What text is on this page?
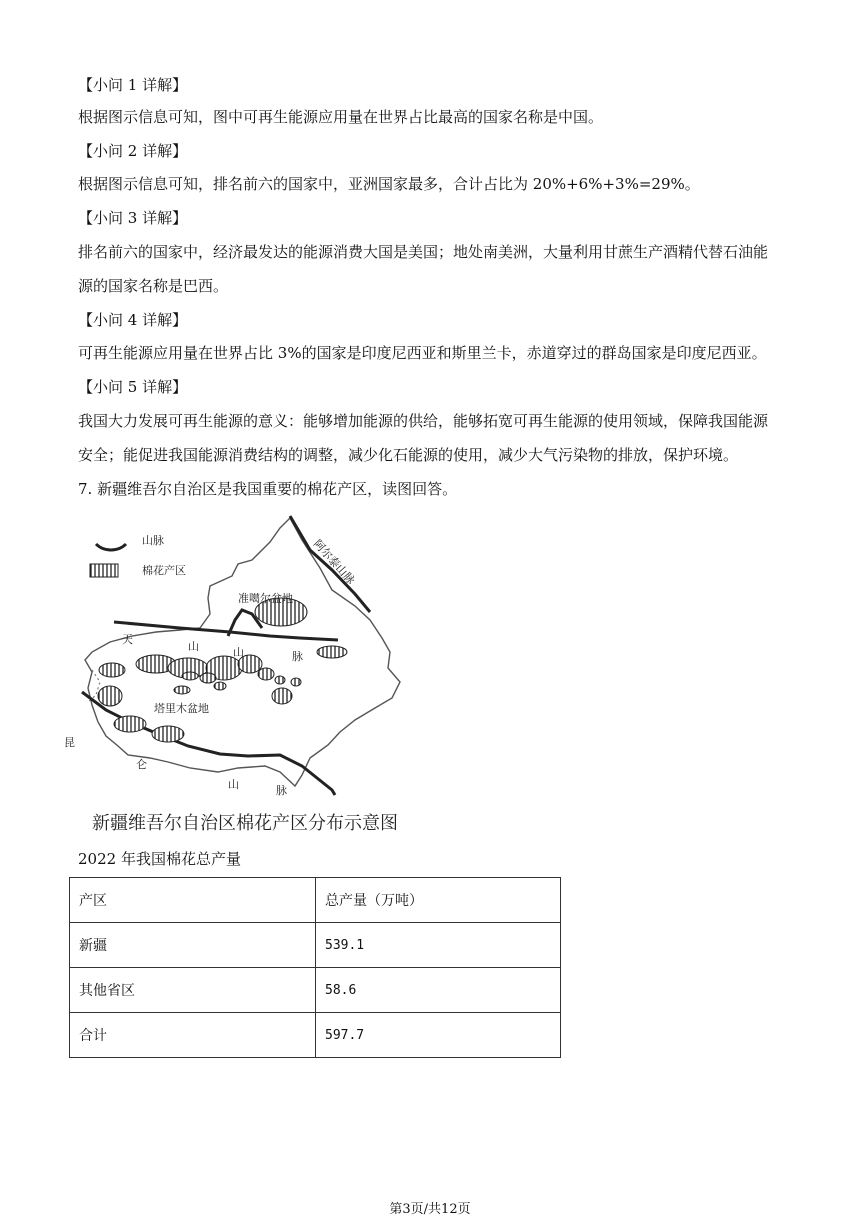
【小问 1 详解】
根据图示信息可知，图中可再生能源应用量在世界占比最高的国家名称是中国。
【小问 2 详解】
根据图示信息可知，排名前六的国家中，亚洲国家最多，合计占比为 20%+6%+3%=29%。
【小问 3 详解】
排名前六的国家中，经济最发达的能源消费大国是美国；地处南美洲，大量利用甘蔗生产酒精代替石油能
源的国家名称是巴西。
【小问 4 详解】
可再生能源应用量在世界占比 3%的国家是印度尼西亚和斯里兰卡，赤道穿过的群岛国家是印度尼西亚。
【小问 5 详解】
我国大力发展可再生能源的意义：能够增加能源的供给，能够拓宽可再生能源的使用领域，保障我国能源
安全；能促进我国能源消费结构的调整，减少化石能源的使用，减少大气污染物的排放，保护环境。
7. 新疆维吾尔自治区是我国重要的棉花产区，读图回答。
山脉
棉花产区	阿尔泰山脉
准噶尔盆地
塔里木盆地
天
山	山	脉
昆
仑
山	脉
新疆维吾尔自治区棉花产区分布示意图
2022 年我国棉花总产量
产区	总产量（万吨）
新疆	539.1
其他省区	58.6
合计	597.7
第3页/共12页
